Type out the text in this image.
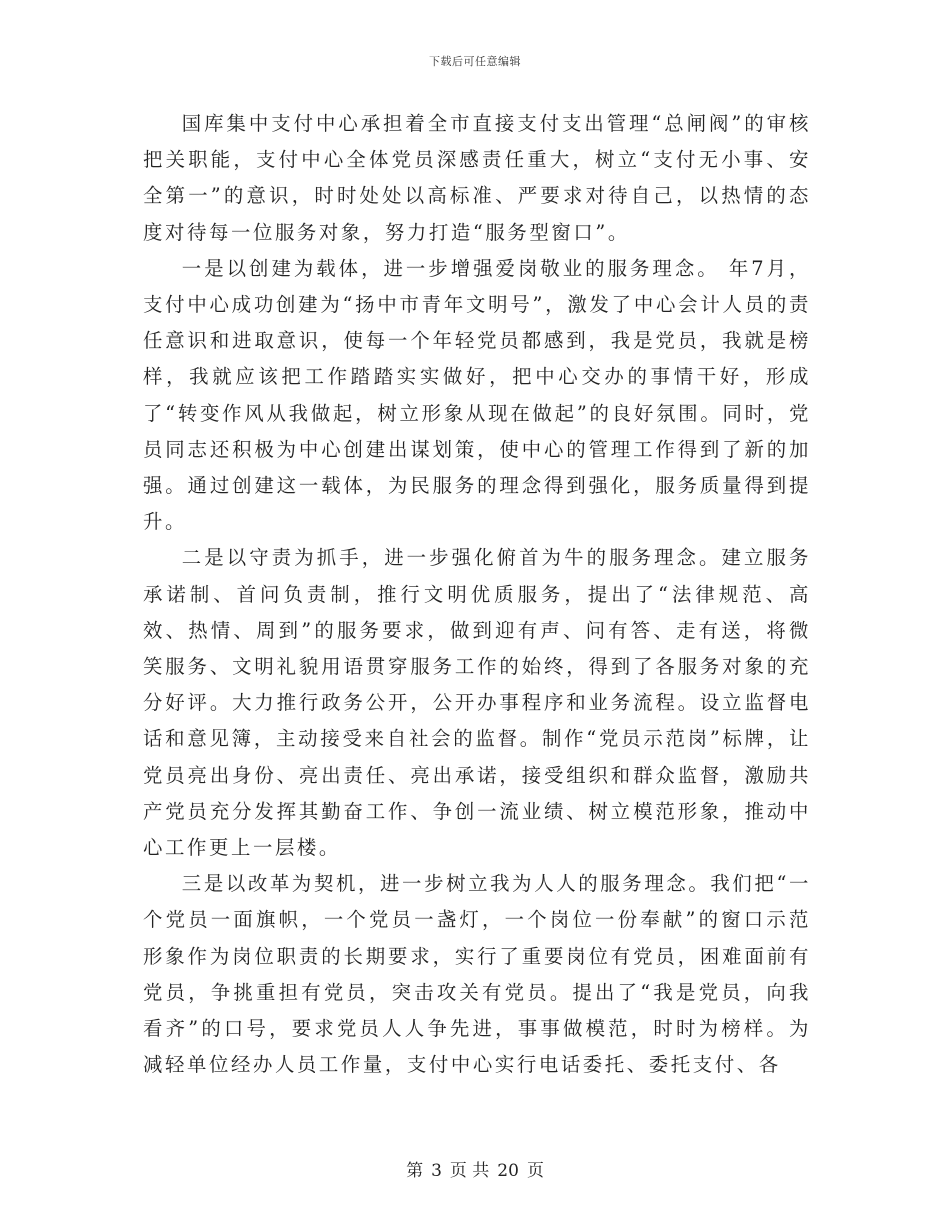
下载后可任意编辑

国库集中支付中心承担着全市直接支付支出管理“总闸阀”的审核把关职能，支付中心全体党员深感责任重大，树立“支付无小事、安全第一”的意识，时时处处以高标准、严要求对待自己，以热情的态度对待每一位服务对象，努力打造“服务型窗口”。

一是以创建为载体，进一步增强爱岗敬业的服务理念。 年7月，支付中心成功创建为“扬中市青年文明号”，激发了中心会计人员的责任意识和进取意识，使每一个年轻党员都感到，我是党员，我就是榜样，我就应该把工作踏踏实实做好，把中心交办的事情干好，形成了“转变作风从我做起，树立形象从现在做起”的良好氛围。同时，党员同志还积极为中心创建出谋划策，使中心的管理工作得到了新的加强。通过创建这一载体，为民服务的理念得到强化，服务质量得到提升。

二是以守责为抓手，进一步强化俯首为牛的服务理念。建立服务承诺制、首问负责制，推行文明优质服务，提出了“法律规范、高效、热情、周到”的服务要求，做到迎有声、问有答、走有送，将微笑服务、文明礼貌用语贯穿服务工作的始终，得到了各服务对象的充分好评。大力推行政务公开，公开办事程序和业务流程。设立监督电话和意见簿，主动接受来自社会的监督。制作“党员示范岗”标牌，让党员亮出身份、亮出责任、亮出承诺，接受组织和群众监督，激励共产党员充分发挥其勤奋工作、争创一流业绩、树立模范形象，推动中心工作更上一层楼。

三是以改革为契机，进一步树立我为人人的服务理念。我们把“一个党员一面旗帜，一个党员一盏灯，一个岗位一份奉献”的窗口示范形象作为岗位职责的长期要求，实行了重要岗位有党员，困难面前有党员，争挑重担有党员，突击攻关有党员。提出了“我是党员，向我看齐”的口号，要求党员人人争先进，事事做模范，时时为榜样。为减轻单位经办人员工作量，支付中心实行电话委托、委托支付、各

第 3 页 共 20 页
